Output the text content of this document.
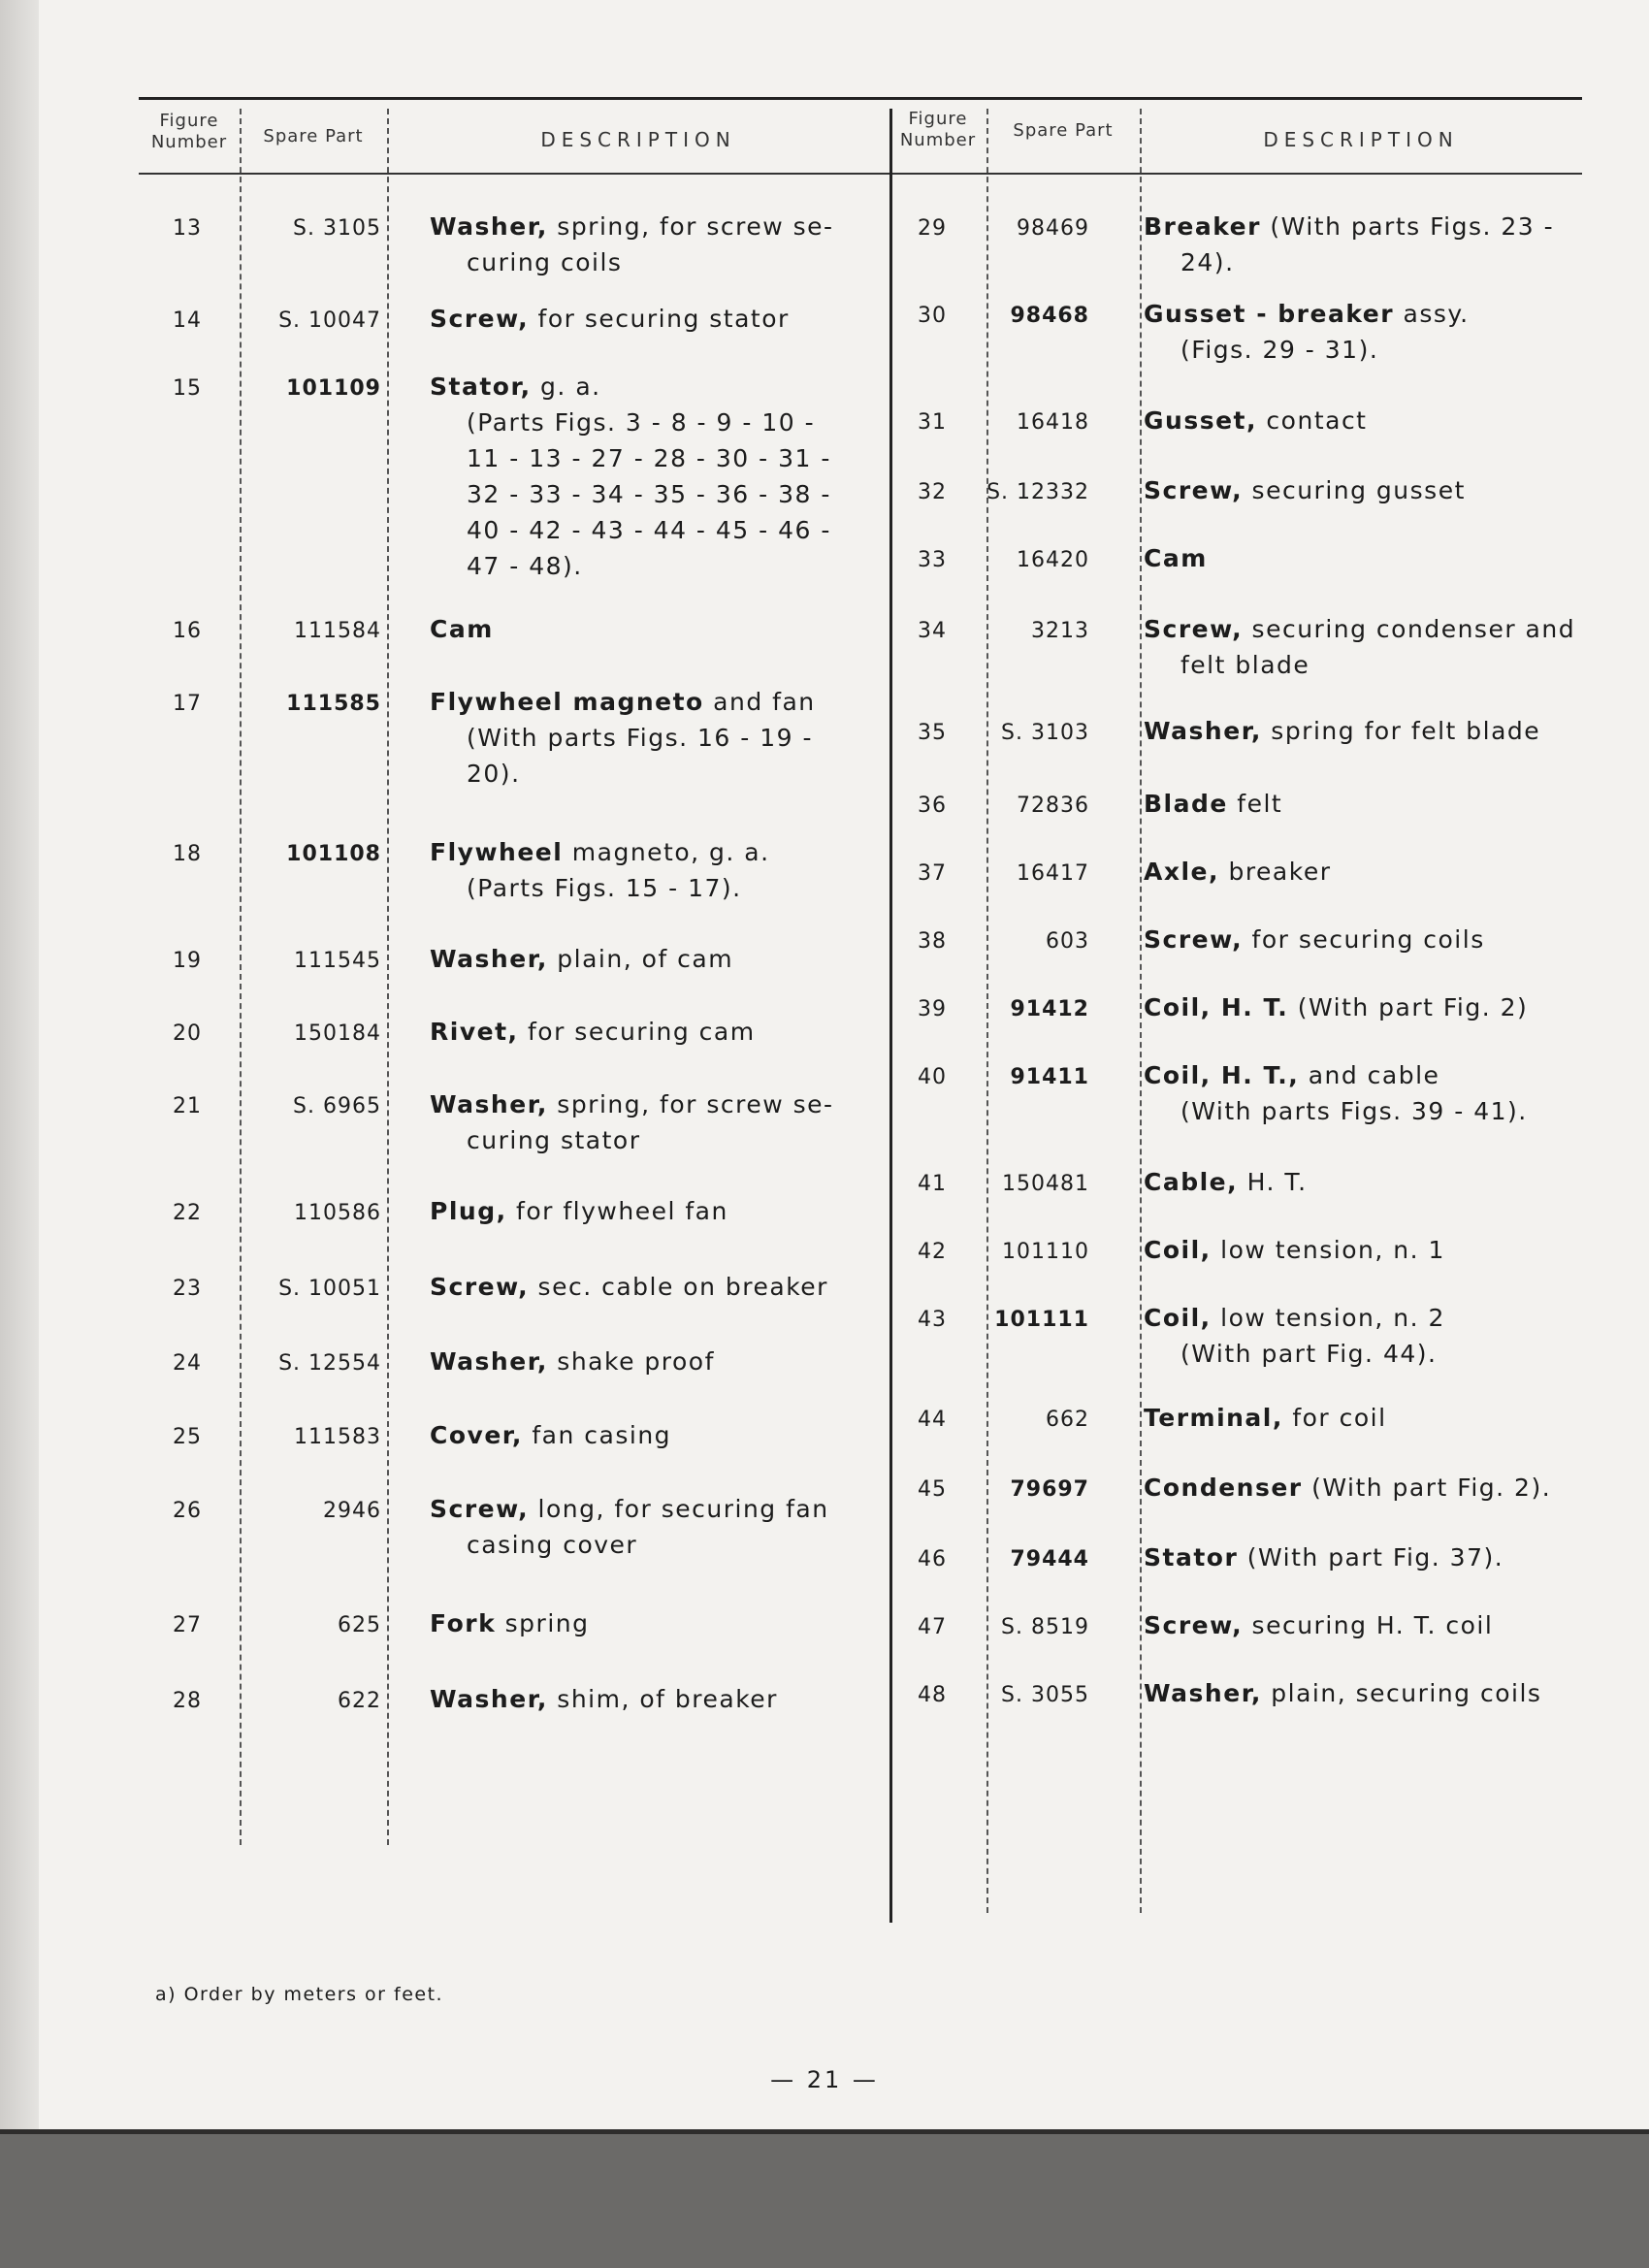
Figure Number	Spare Part	DESCRIPTION
Figure Number	Spare Part	DESCRIPTION
13	S. 3105 Washer, spring, for screw se-
curing coils
14	S. 10047 Screw, for securing stator
15	101109 Stator, g. a.
(Parts Figs. 3 - 8 - 9 - 10 -
11 - 13 - 27 - 28 - 30 - 31 -
32 - 33 - 34 - 35 - 36 - 38 -
40 - 42 - 43 - 44 - 45 - 46 -
47 - 48).
16	111584 Cam
17	111585 Flywheel magneto and fan
(With parts Figs. 16 - 19 -
20).
18	101108 Flywheel magneto, g. a.
(Parts Figs. 15 - 17).
19	111545 Washer, plain, of cam
20	150184 Rivet, for securing cam
21	S. 6965 Washer, spring, for screw se-
curing stator
22	110586 Plug, for flywheel fan
23	S. 10051 Screw, sec. cable on breaker
24	S. 12554 Washer, shake proof
25	111583 Cover, fan casing
26	2946 Screw, long, for securing fan
casing cover
27	625 Fork spring
28	622 Washer, shim, of breaker
29	98469 Breaker (With parts Figs. 23 -
24).
30	98468 Gusset - breaker assy.
(Figs. 29 - 31).
31	16418 Gusset, contact
32	S. 12332 Screw, securing gusset
33	16420 Cam
34	3213 Screw, securing condenser and
felt blade
35	S. 3103 Washer, spring for felt blade
36	72836 Blade felt
37	16417 Axle, breaker
38	603 Screw, for securing coils
39	91412 Coil, H. T. (With part Fig. 2)
40	91411 Coil, H. T., and cable
(With parts Figs. 39 - 41).
41	150481 Cable, H. T.
42	101110 Coil, low tension, n. 1
43	101111 Coil, low tension, n. 2
(With part Fig. 44).
44	662 Terminal, for coil
45	79697 Condenser (With part Fig. 2).
46	79444 Stator (With part Fig. 37).
47	S. 8519 Screw, securing H. T. coil
48	S. 3055 Washer, plain, securing coils
a) Order by meters or feet.
— 21 —
